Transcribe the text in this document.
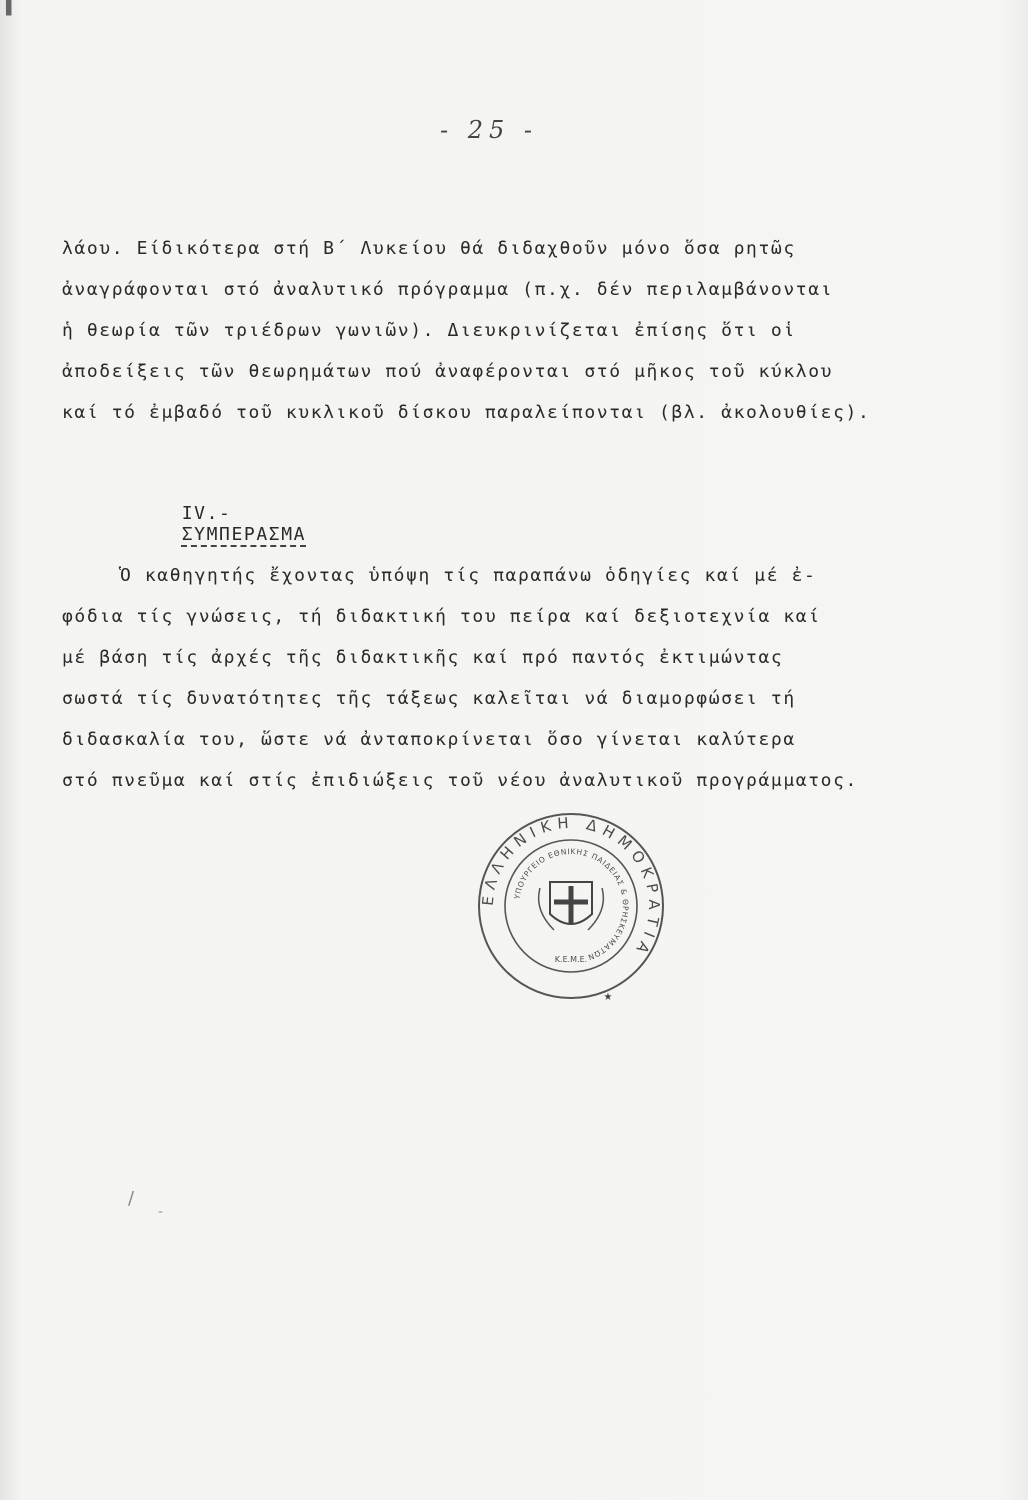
- 25 -
λάου. Είδικότερα στή Β΄ Λυκείου θά διδαχθοῦν μόνο ὅσα ρητῶς
ἀναγράφονται στό ἀναλυτικό πρόγραμμα (π.χ. δέν περιλαμβάνονται
ἡ θεωρία τῶν τριέδρων γωνιῶν). Διευκρινίζεται ἐπίσης ὅτι οἱ
ἀποδείξεις τῶν θεωρημάτων πού ἀναφέρονται στό μῆκος τοῦ κύκλου
καί τό ἐμβαδό τοῦ κυκλικοῦ δίσκου παραλείπονται (βλ. ἀκολουθίες).

IV.-
ΣΥΜΠΕΡΑΣΜΑ

Ὁ καθηγητής ἔχοντας ὑπόψη τίς παραπάνω ὁδηγίες καί μέ ἐ-
φόδια τίς γνώσεις, τή διδακτική του πείρα καί δεξιοτεχνία καί
μέ βάση τίς ἀρχές τῆς διδακτικῆς καί πρό παντός ἐκτιμώντας
σωστά τίς δυνατότητες τῆς τάξεως καλεῖται νά διαμορφώσει τή
διδασκαλία του, ὥστε νά ἀνταποκρίνεται ὅσο γίνεται καλύτερα
στό πνεῦμα καί στίς ἐπιδιώξεις τοῦ νέου ἀναλυτικοῦ προγράμματος.
ΕΛΛΗΝΙΚΗ ΔΗΜΟΚΡΑΤΙΑ
ΥΠΟΥΡΓΕΙΟ ΕΘΝΙΚΗΣ ΠΑΙΔΕΙΑΣ & ΘΡΗΣΚΕΥΜΑΤΩΝ
Κ.Ε.Μ.Ε.
★
▌
/
-
